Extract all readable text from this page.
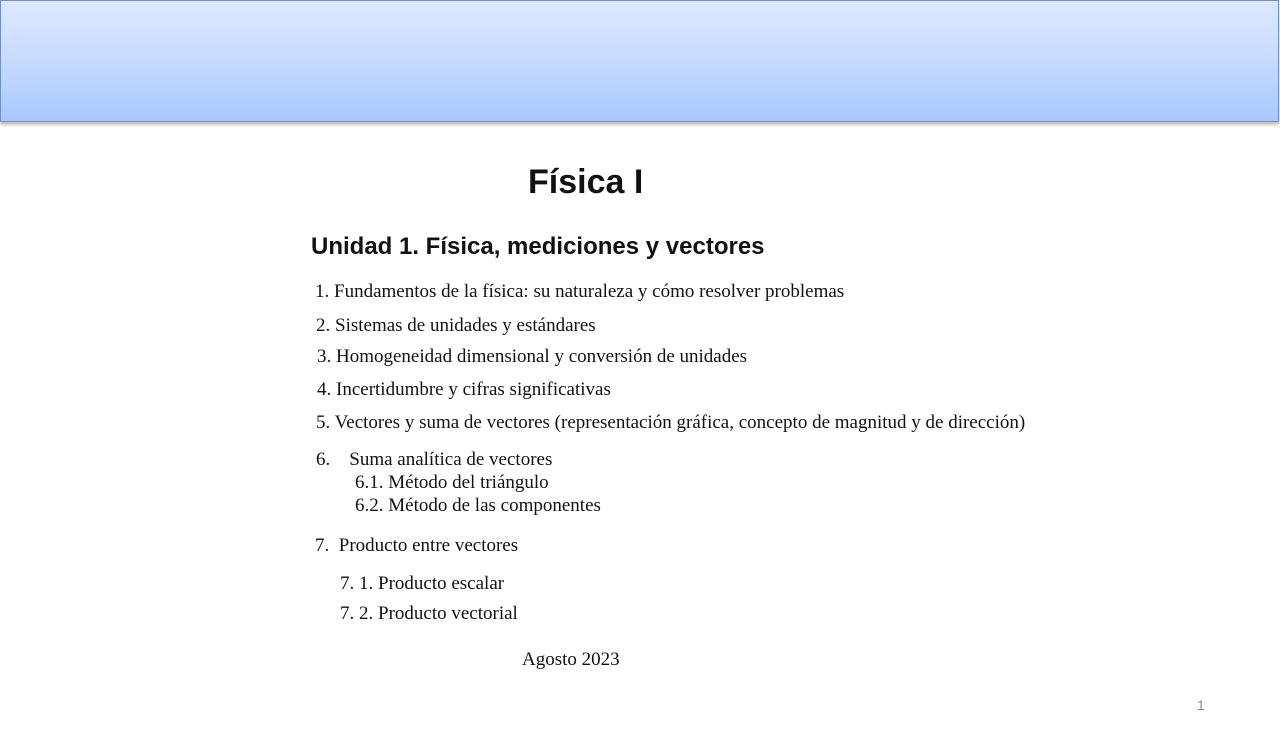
Física I
Unidad 1. Física, mediciones y vectores
1. Fundamentos de la física: su naturaleza y cómo resolver problemas
2. Sistemas de unidades y estándares
3. Homogeneidad dimensional y conversión de unidades
4. Incertidumbre y cifras significativas
5. Vectores y suma de vectores (representación gráfica, concepto de magnitud y de dirección)
6.    Suma analítica de vectores
6.1. Método del triángulo
6.2. Método de las componentes
7.  Producto entre vectores
7. 1. Producto escalar
7. 2. Producto vectorial
Agosto 2023
1
